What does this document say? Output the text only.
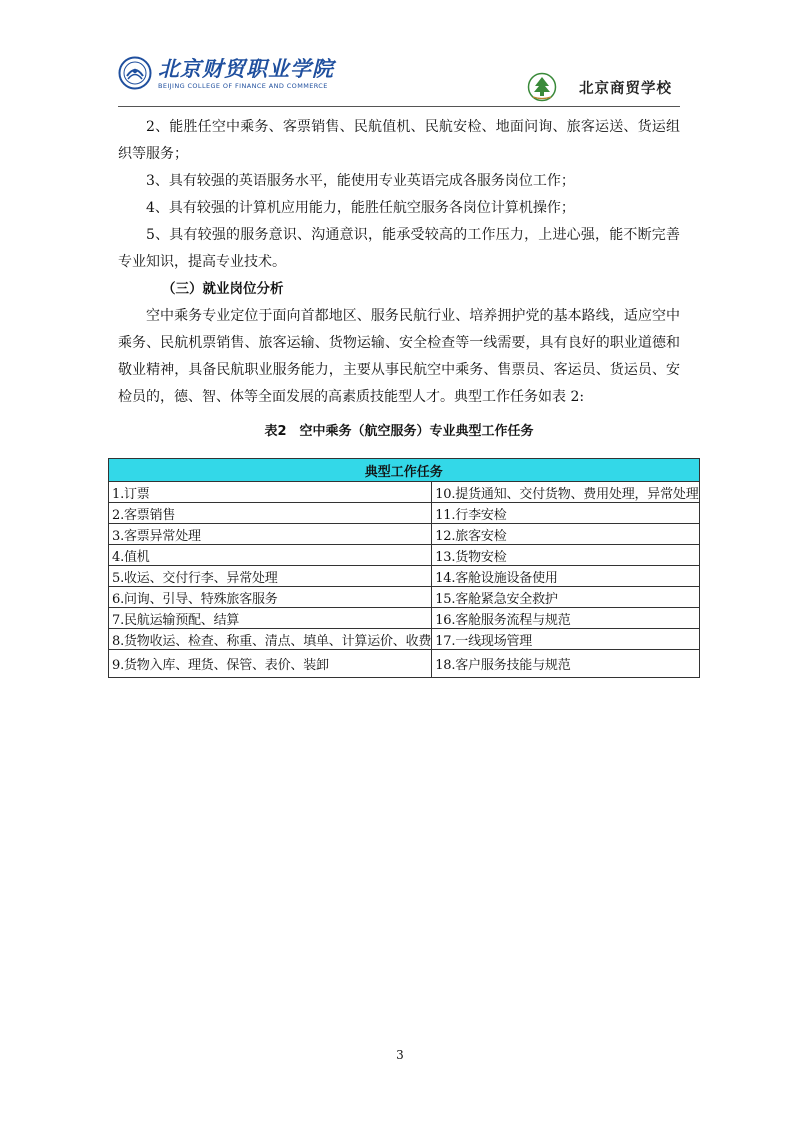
北京财贸职业学院
BEIJING COLLEGE OF FINANCE AND COMMERCE	北京商贸学校

2、能胜任空中乘务、客票销售、民航值机、民航安检、地面问询、旅客运送、货运组织等服务；

3、具有较强的英语服务水平，能使用专业英语完成各服务岗位工作；

4、具有较强的计算机应用能力，能胜任航空服务各岗位计算机操作；

5、具有较强的服务意识、沟通意识，能承受较高的工作压力，上进心强，能不断完善专业知识，提高专业技术。

（三）就业岗位分析

空中乘务专业定位于面向首都地区、服务民航行业、培养拥护党的基本路线，适应空中乘务、民航机票销售、旅客运输、货物运输、安全检查等一线需要，具有良好的职业道德和敬业精神，具备民航职业服务能力，主要从事民航空中乘务、售票员、客运员、货运员、安检员的，德、智、体等全面发展的高素质技能型人才。典型工作任务如表 2:

表2　空中乘务（航空服务）专业典型工作任务
典型工作任务	
1.订票	10.提货通知、交付货物、费用处理，异常处理
2.客票销售	11.行李安检
3.客票异常处理	12.旅客安检
4.值机	13.货物安检
5.收运、交付行李、异常处理	14.客舱设施设备使用
6.问询、引导、特殊旅客服务	15.客舱紧急安全救护
7.民航运输预配、结算	16.客舱服务流程与规范
8.货物收运、检查、称重、清点、填单、计算运价、收费	17.一线现场管理
9.货物入库、理货、保管、表价、装卸	18.客户服务技能与规范
3
